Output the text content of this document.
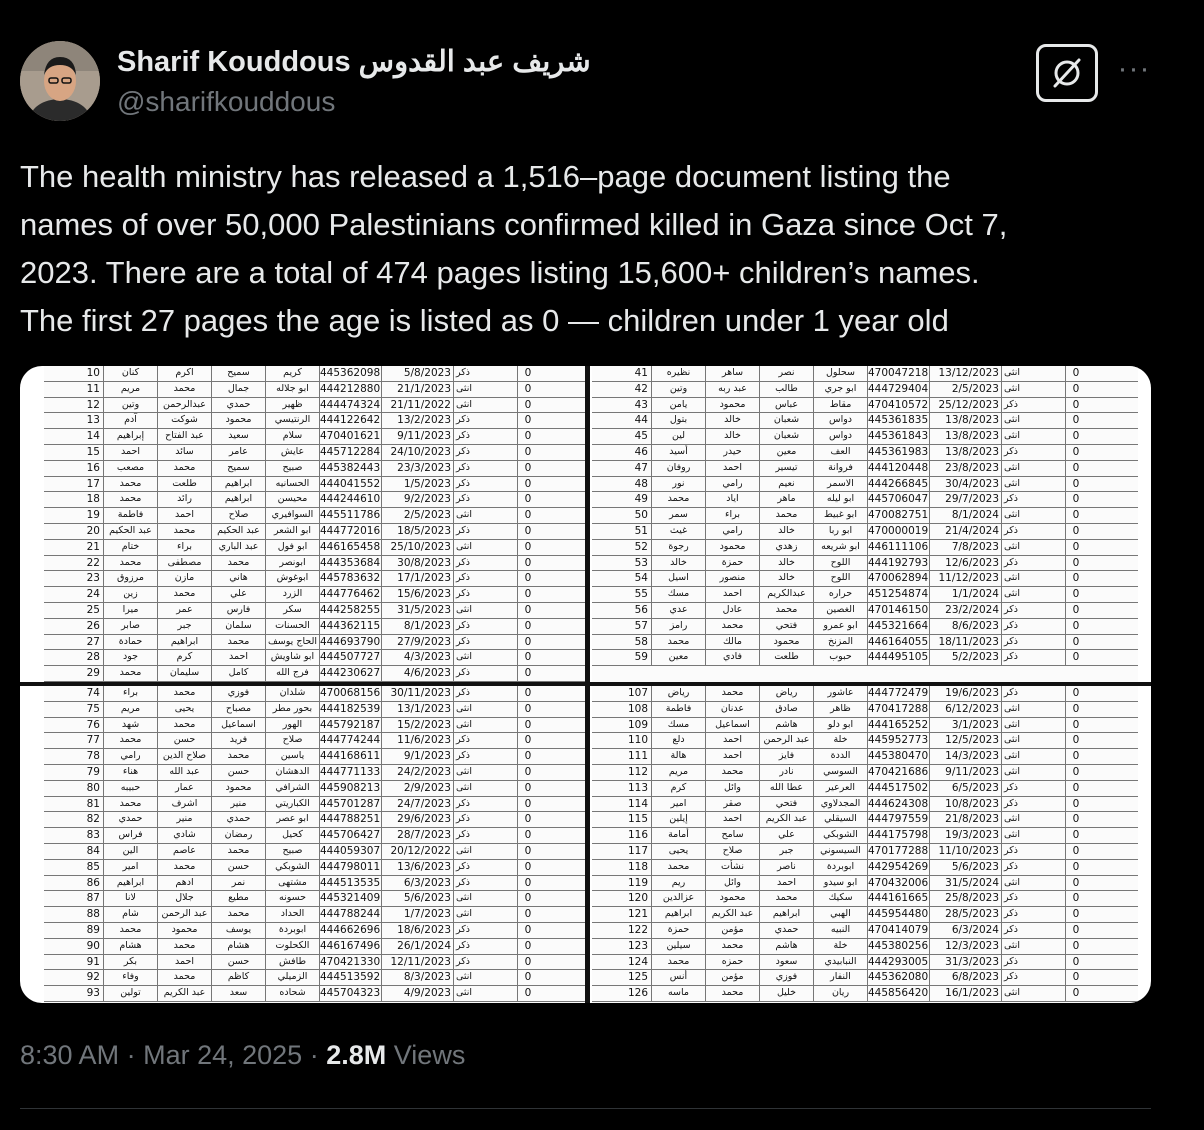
Sharif Kouddous شريف عبد القدوس
@sharifkouddous
···
The health ministry has released a 1,516–page document listing the
names of over 50,000 Palestinians confirmed killed in Gaza since Oct 7,
2023. There are a total of 474 pages listing 15,600+ children’s names.
The first 27 pages the age is listed as 0 — children under 1 year old
10	كنان	اكرم	سميح	كريم	445362098	5/8/2023 ذكر	0
11	مريم	محمد	جمال	ابو جلاله	444212880	21/1/2023 انثى	0
12	وتين	عبدالرحمن	حمدي	ظهير	444474324 21/11/2022 انثى	0
13	آدم	شوكت	محمود	الرنتيسي 444122642	13/2/2023 ذكر	0
14	إبراهيم	عبد الفتاح	سعيد	سلام	470401621	9/11/2023 ذكر	0
15	احمد	سائد	عامر	عايش	445712284 24/10/2023 ذكر	0
16	مصعب	محمد	سميح	صبيح	445382443	23/3/2023 ذكر	0
17	محمد	طلعت	ابراهيم	الحسانيه	444041552	1/5/2023 ذكر	0
18	محمد	رائد	ابراهيم	محيسن	444244610	9/2/2023 ذكر	0
19	فاطمة	احمد	صلاح	السوافيري 445511786	2/5/2023 انثى	0
20 عبد الحكيم	محمد	عبد الحكيم	ابو الشعر 444772016	18/5/2023 ذكر	0
21	ختام	براء	عبد الباري	ابو فول	446165458 25/10/2023 انثى	0
22	محمد	مصطفى	محمد	ابونصر	444353684	30/8/2023 ذكر	0
23	مرزوق	مازن	هاني	ابوغوش	445783632	17/1/2023 ذكر	0
24	زين	محمد	علي	الزرد	444776462	15/6/2023 ذكر	0
25	ميرا	عمر	فارس	سكر	444258255	31/5/2023 انثى	0
26	صابر	جبر	سلمان	الحسنات 444362115	8/1/2023 ذكر	0
27	حمادة	ابراهيم	محمد	الحاج يوسف 444693790	27/9/2023 ذكر	0
28	جود	كرم	احمد	ابو شاويش 444507727	4/3/2023 انثى	0
29	محمد	سليمان	كامل	فرج الله	444230627	4/6/2023 ذكر	0
41	نظيره	ساهر	نصر	سحلول	470047218 13/12/2023 انثى	0
42	وتين	عبد ربه	طالب	ابو جري	444729404	2/5/2023 انثى	0
43	يامن	محمود	عباس	مقاط	470410572 25/12/2023 ذكر	0
44	بتول	خالد	شعبان	دواس	445361835	13/8/2023 انثى	0
45	لين	خالد	شعبان	دواس	445361843	13/8/2023 انثى	0
46	أسيد	حيدر	معين	العف	445361983	13/8/2023 ذكر	0
47	روفان	احمد	تيسير	فروانة	444120448	23/8/2023 انثى	0
48	نور	رامي	نعيم	الاسمر	444266845	30/4/2023 انثى	0
49	محمد	اياد	ماهر	ابو ليله	445706047	29/7/2023 ذكر	0
50	سمر	براء	محمد	ابو غبيط	470082751	8/1/2024 انثى	0
51	غيث	رامي	خالد	ابو ربا	470000019	21/4/2024 ذكر	0
52	رجوة	محمود	زهدي	ابو شريعه 446111106	7/8/2023 انثى	0
53	خالد	حمزة	خالد	اللوح	444192793	12/6/2023 ذكر	0
54	اسيل	منصور	خالد	اللوح	470062894 11/12/2023 انثى	0
55	مسك	احمد	عبدالكريم	حراره	451254874	1/1/2024 انثى	0
56	عدي	عادل	محمد	الغصين	470146150	23/2/2024 ذكر	0
57	رامز	محمد	فتحي	ابو عمرو 445321664	8/6/2023 ذكر	0
58	محمد	مالك	محمود	المزنخ	446164055 18/11/2023 ذكر	0
59	معين	فادي	طلعت	حبوب	444495105	5/2/2023 ذكر	0
74	براء	محمد	فوزي	شلدان	470068156 30/11/2023 ذكر	0
75	مريم	يحيى	مصباح	بحور مطر 444182539	13/1/2023 انثى	0
76	شهد	محمد	اسماعيل	الهور	445792187	15/2/2023 انثى	0
77	محمد	حسن	فريد	صلاح	444774244	11/6/2023 ذكر	0
78	رامي	صلاح الدين	محمد	ياسين	444168611	9/1/2023 ذكر	0
79	هناء	عبد الله	حسن	الدهشان	444771133	24/2/2023 انثى	0
80	حبيبه	عمار	محمود	الشرافي 445908213	2/9/2023 انثى	0
81	محمد	اشرف	منير	الكباريتي 445701287	24/7/2023 ذكر	0
82	حمدي	منير	حمدي	ابو عصر	444788251	29/6/2023 ذكر	0
83	فراس	شادي	رمضان	كحيل	445706427	28/7/2023 ذكر	0
84	الين	عاصم	محمد	صبيح	444059307 20/12/2022 انثى	0
85	امير	محمد	حسن	الشوبكي 444798011	13/6/2023 ذكر	0
86	ابراهيم	ادهم	نمر	مشتهى	444513535	6/3/2023 ذكر	0
87	لانا	جلال	مطيع	حسونه	445321409	5/6/2023 انثى	0
88	شام	عبد الرحمن	محمد	الحداد	444788244	1/7/2023 انثى	0
89	محمد	محمود	يوسف	ابوبردة	444662696	18/6/2023 ذكر	0
90	هشام	محمد	هشام	الكحلوت	446167496	26/1/2024 ذكر	0
91	بكر	احمد	حسن	طافش	470421330 12/11/2023 ذكر	0
92	وفاء	محمد	كاظم	الزميلي	444513592	8/3/2023 انثى	0
93	تولين	عبد الكريم	سعد	شحاده	445704323	4/9/2023 انثى	0
107	رياض	محمد	رياض	عاشور	444772479	19/6/2023 ذكر	0
108	فاطمة	عدنان	صادق	ظاهر	470417288	6/12/2023 انثى	0
109	مسك	اسماعيل	هاشم	ابو دلو	444165252	3/1/2023 انثى	0
110	دلع	احمد	عبد الرحمن	خلة	445952773	12/5/2023 انثى	0
111	هالة	احمد	فايز	الددة	445380470	14/3/2023 انثى	0
112	مريم	محمد	نادر	السوسي 470421686	9/11/2023 انثى	0
113	كرم	وائل	عطا الله	العرعير	444517502	6/5/2023 ذكر	0
114	امير	صقر	فتحي	المجدلاوي 444624308	10/8/2023 ذكر	0
115	إيلين	احمد	عبد الكريم	السيقلي	444797559	21/8/2023 انثى	0
116	أمامة	سامح	علي	الشوبكي 444175798	19/3/2023 انثى	0
117	يحيى	صلاح	جبر	السيسوني 470177288 11/10/2023 ذكر	0
118	محمد	نشأت	ناصر	ابوبردة	442954269	5/6/2023 ذكر	0
119	ريم	وائل	احمد	ابو سيدو	470432006	31/5/2024 انثى	0
120	عزالدين	محمود	محمد	سكيك	444161665	25/8/2023 ذكر	0
121	ابراهيم	عبد الكريم	ابراهيم	الهبي	445954480	28/5/2023 ذكر	0
122	حمزة	مؤمن	حمدي	النبيه	470414079	6/3/2024 ذكر	0
123	سيلين	محمد	هاشم	خلة	445380256	12/3/2023 انثى	0
124	محمد	حمزه	سعود	النبابيدي	444293005	31/3/2023 ذكر	0
125	أنس	مؤمن	فوزي	النفار	445362080	6/8/2023 ذكر	0
126	ماسه	محمد	خليل	ريان	445856420	16/1/2023 انثى	0
8:30 AM · Mar 24, 2025 · 2.8M Views
